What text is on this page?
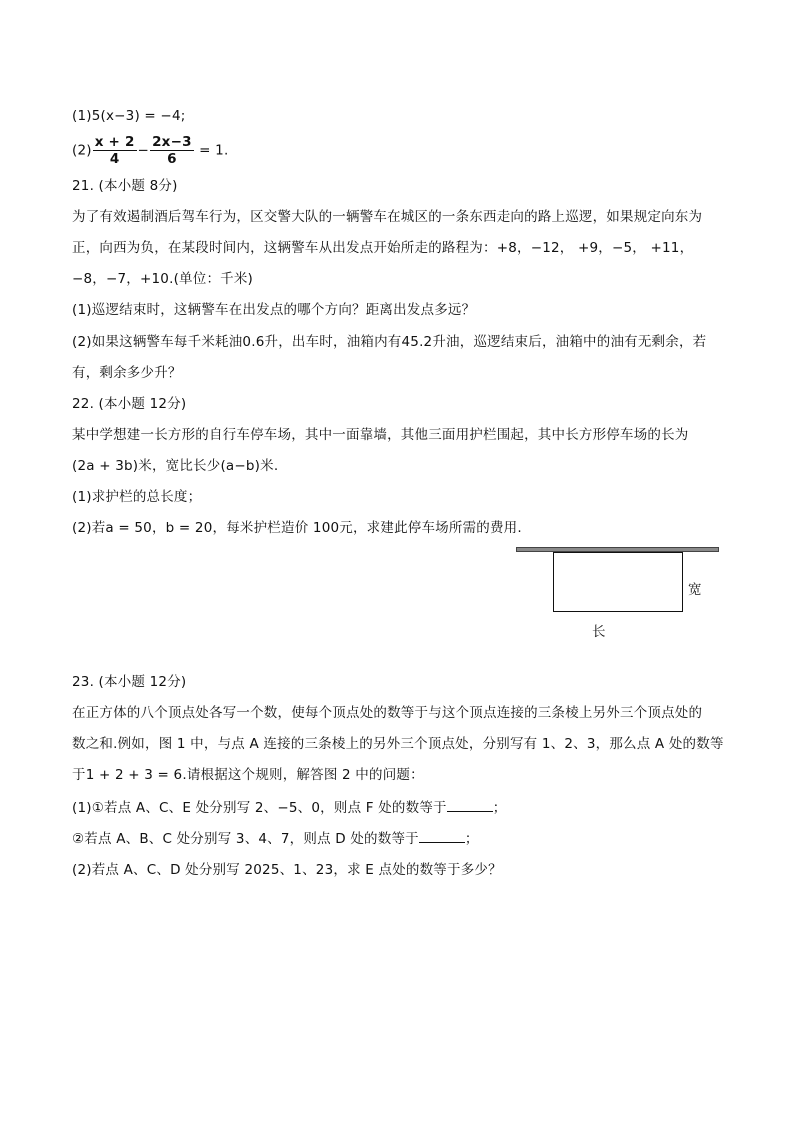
(1)5(x−3) = −4;
$(2) \frac{x + 2}{4} - \frac{2x-3}{6} = 1$.
21. (本小题 8分)
为了有效遏制酒后驾车行为，区交警大队的一辆警车在城区的一条东西走向的路上巡逻，如果规定向东为
正，向西为负，在某段时间内，这辆警车从出发点开始所走的路程为：+8，−12， +9，−5， +11，
−8，−7，+10.(单位：千米)
(1)巡逻结束时，这辆警车在出发点的哪个方向？距离出发点多远？
(2)如果这辆警车每千米耗油0.6升，出车时，油箱内有45.2升油，巡逻结束后，油箱中的油有无剩余，若
有，剩余多少升？
22. (本小题 12分)
某中学想建一长方形的自行车停车场，其中一面靠墙，其他三面用护栏围起，其中长方形停车场的长为
(2a + 3b)米，宽比长少(a−b)米.
(1)求护栏的总长度；
(2)若a = 50，b = 20，每米护栏造价 100元，求建此停车场所需的费用.
宽
长
23. (本小题 12分)
在正方体的八个顶点处各写一个数，使每个顶点处的数等于与这个顶点连接的三条棱上另外三个顶点处的
数之和.例如，图 1 中，与点 A 连接的三条棱上的另外三个顶点处，分别写有 1、2、3，那么点 A 处的数等
于1 + 2 + 3 = 6.请根据这个规则，解答图 2 中的问题：
(1)①若点 A、C、E 处分别写 2、−5、0，则点 F 处的数等于	；
②若点 A、B、C 处分别写 3、4、7，则点 D 处的数等于	；
(2)若点 A、C、D 处分别写 2025、1、23，求 E 点处的数等于多少？
